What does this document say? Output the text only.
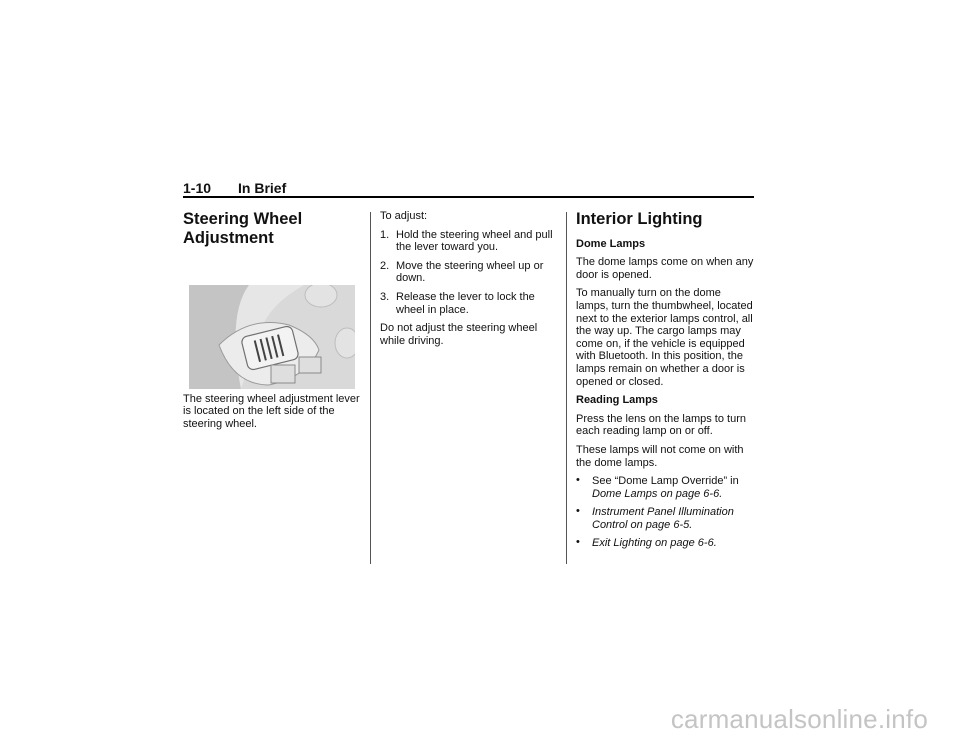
1-10 In Brief
Steering Wheel Adjustment

The steering wheel adjustment lever is located on the left side of the steering wheel.

To adjust:

1. Hold the steering wheel and pull the lever toward you.
2. Move the steering wheel up or down.
3. Release the lever to lock the wheel in place.

Do not adjust the steering wheel while driving.

Interior Lighting

Dome Lamps

The dome lamps come on when any door is opened.

To manually turn on the dome lamps, turn the thumbwheel, located next to the exterior lamps control, all the way up. The cargo lamps may come on, if the vehicle is equipped with Bluetooth. In this position, the lamps remain on whether a door is opened or closed.

Reading Lamps

Press the lens on the lamps to turn each reading lamp on or off.

These lamps will not come on with the dome lamps.

• See “Dome Lamp Override” in Dome Lamps on page 6-6.
• Instrument Panel Illumination Control on page 6-5.
• Exit Lighting on page 6-6.
carmanualsonline.info
